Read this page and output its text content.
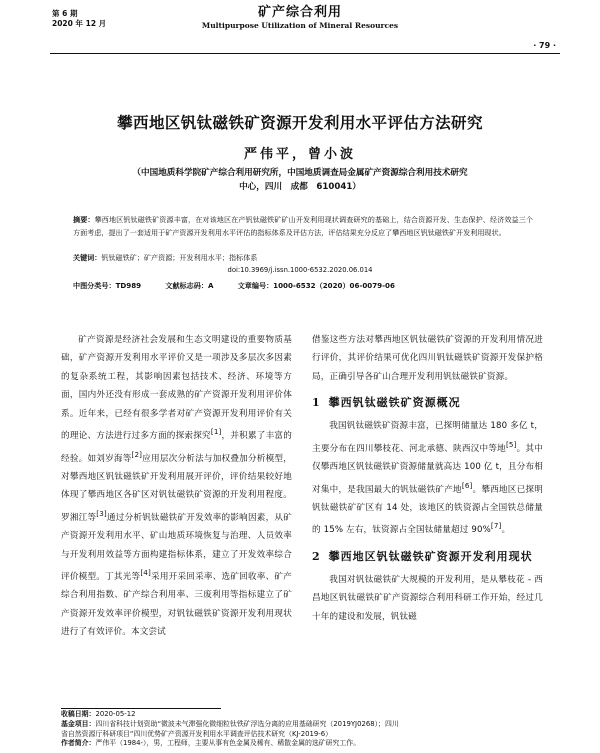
第 6 期
2020 年 12 月
矿产综合利用
Multipurpose Utilization of Mineral Resources
· 79 ·
攀西地区钒钛磁铁矿资源开发利用水平评估方法研究
严伟平，曾小波
（中国地质科学院矿产综合利用研究所，中国地质调查局金属矿产资源综合利用技术研究
中心，四川　成都　610041）
摘要：攀西地区钒钛磁铁矿资源丰富，在对该地区在产钒钛磁铁矿矿山开发利用现状调查研究的基础上，结合资源开发、生态保护、经济效益三个方面考虑，提出了一套适用于矿产资源开发利用水平评估的指标体系及评估方法，评估结果充分反应了攀西地区钒钛磁铁矿开发利用现状。
关键词：钒钛磁铁矿；矿产资源；开发利用水平；指标体系
doi:10.3969/j.issn.1000-6532.2020.06.014
中图分类号：TD989	文献标志码：A	文章编号：1000-6532（2020）06-0079-06

矿产资源是经济社会发展和生态文明建设的重要物质基础，矿产资源开发利用水平评价又是一项涉及多层次多因素的复杂系统工程，其影响因素包括技术、经济、环境等方面，国内外还没有形成一套成熟的矿产资源开发利用评价体系。近年来，已经有很多学者对矿产资源开发利用评价有关的理论、方法进行过多方面的探索探究[1]，并积累了丰富的经验。如刘岁海等[2]应用层次分析法与加权叠加分析模型，对攀西地区钒钛磁铁矿开发利用展开评价，评价结果较好地体现了攀西地区各矿区对钒钛磁铁矿资源的开发利用程度。罗湘江等[3]通过分析钒钛磁铁矿开发效率的影响因素，从矿产资源开发利用水平、矿山地质环境恢复与治理、人员效率与开发利用效益等方面构建指标体系，建立了开发效率综合评价模型。丁其光等[4]采用开采回采率、选矿回收率、矿产综合利用指数、矿产综合利用率、三废利用等指标建立了矿产资源开发效率评价模型，对钒钛磁铁矿资源开发利用现状进行了有效评价。本文尝试

借鉴这些方法对攀西地区钒钛磁铁矿资源的开发利用情况进行评价，其评价结果可优化四川钒钛磁铁矿资源开发保护格局，正确引导各矿山合理开发利用钒钛磁铁矿资源。

1 攀西钒钛磁铁矿资源概况

我国钒钛磁铁矿资源丰富，已探明储量达 180 多亿 t，主要分布在四川攀枝花、河北承德、陕西汉中等地[5]。其中仅攀西地区钒钛磁铁矿资源储量就高达 100 亿 t，且分布相对集中，是我国最大的钒钛磁铁矿产地[6]。攀西地区已探明钒钛磁铁矿矿区有 14 处，该地区的铁资源占全国铁总储量的 15% 左右，钛资源占全国钛储量超过 90%[7]。

2 攀西地区钒钛磁铁矿资源开发利用现状

我国对钒钛磁铁矿大规模的开发利用，是从攀枝花 - 西昌地区钒钛磁铁矿矿产资源综合利用科研工作开始，经过几十年的建设和发展，钒钛磁

收稿日期：2020-05-12
基金项目：四川省科技计划资助“微波未气滞强化微细粒钛铁矿浮选分离的应用基础研究（2019YJ0268）；四川
省自然资源厅科研项目“四川优势矿产资源开发利用水平调查评估技术研究（KJ-2019-6）
作者简介：严伟平（1984-），男，工程师，主要从事有色金属及稀有、稀散金属的选矿研究工作。
